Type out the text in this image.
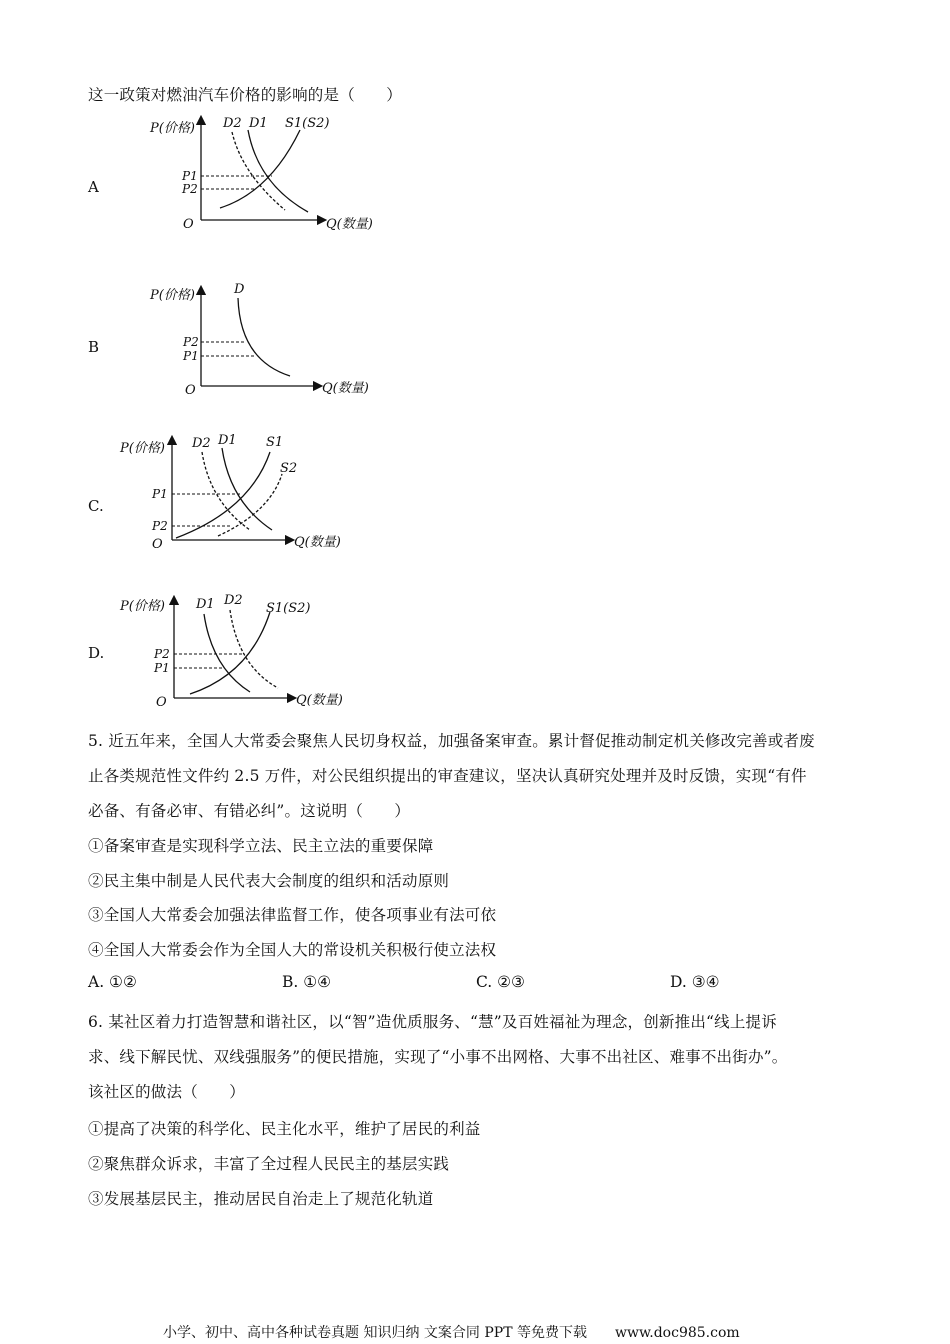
这一政策对燃油汽车价格的影响的是（　　）
A
P(价格)
Q(数量)
O
D2 D1 S1(S2)
P1
P2
B
P(价格)
Q(数量)
O
D
P2
P1
C.
P(价格)
Q(数量)
O
D2 D1 S1
S2
P1
P2
D.
P(价格)
Q(数量)
O
D1 D2
S1(S2)
P2
P1
5. 近五年来，全国人大常委会聚焦人民切身权益，加强备案审查。累计督促推动制定机关修改完善或者废
止各类规范性文件约 2.5 万件，对公民组织提出的审查建议，坚决认真研究处理并及时反馈，实现“有件
必备、有备必审、有错必纠”。这说明（　　）
①备案审查是实现科学立法、民主立法的重要保障
②民主集中制是人民代表大会制度的组织和活动原则
③全国人大常委会加强法律监督工作，使各项事业有法可依
④全国人大常委会作为全国人大的常设机关积极行使立法权
A. ①②	B. ①④	C. ②③	D. ③④
6. 某社区着力打造智慧和谐社区，以“智”造优质服务、“慧”及百姓福祉为理念，创新推出“线上提诉
求、线下解民忧、双线强服务”的便民措施，实现了“小事不出网格、大事不出社区、难事不出街办”。
该社区的做法（　　）
①提高了决策的科学化、民主化水平，维护了居民的利益
②聚焦群众诉求，丰富了全过程人民民主的基层实践
③发展基层民主，推动居民自治走上了规范化轨道
小学、初中、高中各种试卷真题 知识归纳 文案合同 PPT 等免费下载　　www.doc985.com
